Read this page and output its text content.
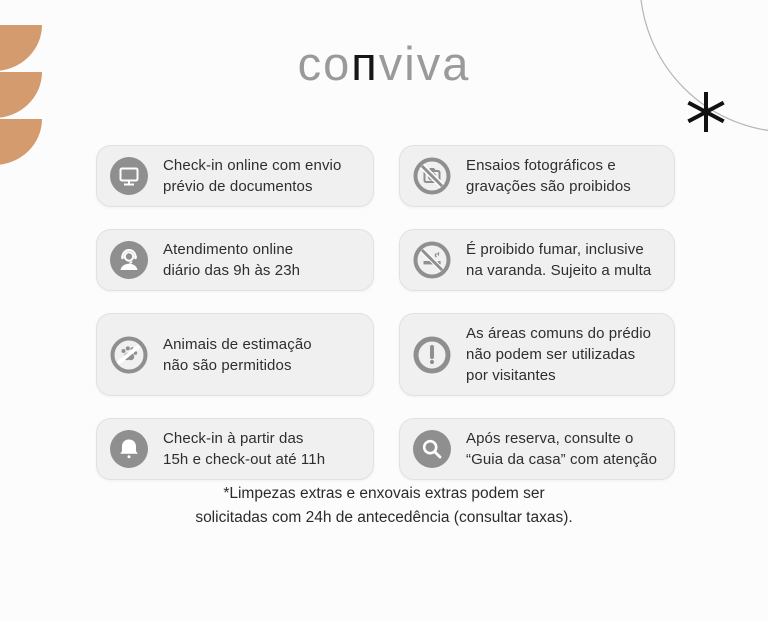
coпviva
Check-in online com envio
prévio de documentos
Ensaios fotográficos e
gravações são proibidos
Atendimento online
diário das 9h às 23h
É proibido fumar, inclusive
na varanda. Sujeito a multa
Animais de estimação
não são permitidos
As áreas comuns do prédio
não podem ser utilizadas
por visitantes
Check-in à partir das
15h e check-out até 11h
Após reserva, consulte o
“Guia da casa” com atenção
*Limpezas extras e enxovais extras podem ser
solicitadas com 24h de antecedência (consultar taxas).
